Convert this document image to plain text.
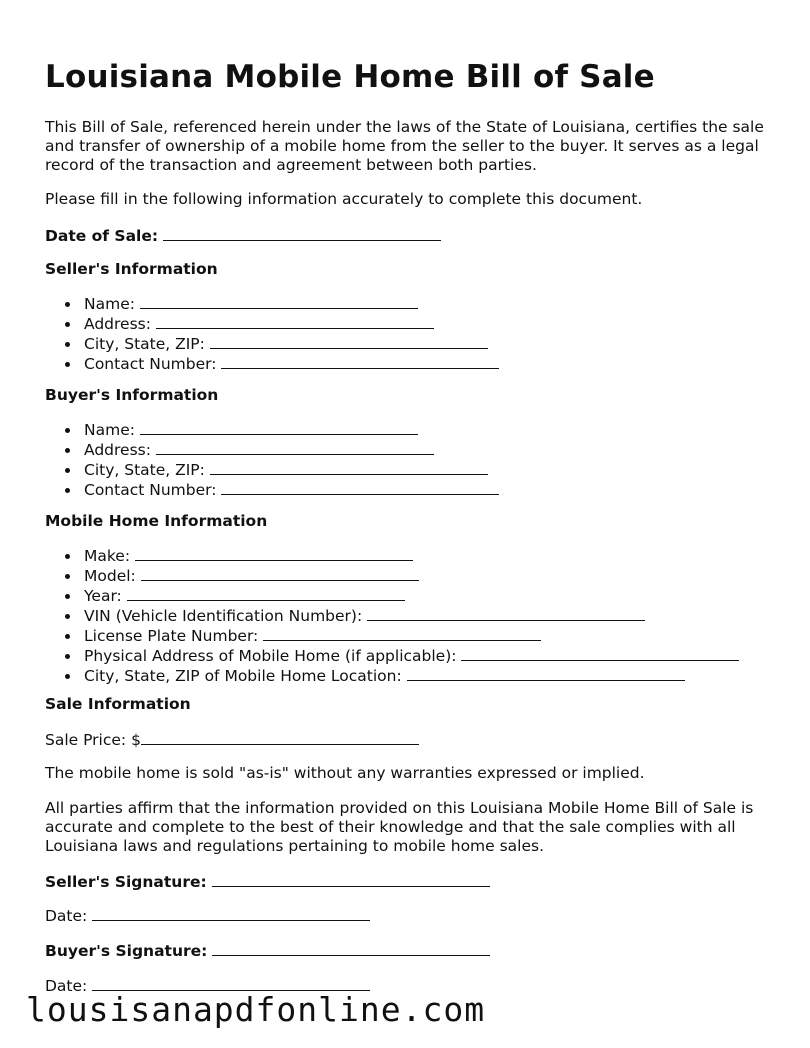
Louisiana Mobile Home Bill of Sale

This Bill of Sale, referenced herein under the laws of the State of Louisiana, certifies the sale and transfer of ownership of a mobile home from the seller to the buyer. It serves as a legal record of the transaction and agreement between both parties.

Please fill in the following information accurately to complete this document.

Date of Sale:

Seller's Information
Name:
Address:
City, State, ZIP:
Contact Number:
Buyer's Information
Name:
Address:
City, State, ZIP:
Contact Number:
Mobile Home Information
Make:
Model:
Year:
VIN (Vehicle Identification Number):
License Plate Number:
Physical Address of Mobile Home (if applicable):
City, State, ZIP of Mobile Home Location:
Sale Information

Sale Price: $

The mobile home is sold "as-is" without any warranties expressed or implied.

All parties affirm that the information provided on this Louisiana Mobile Home Bill of Sale is accurate and complete to the best of their knowledge and that the sale complies with all Louisiana laws and regulations pertaining to mobile home sales.

Seller's Signature:

Date:

Buyer's Signature:

Date:

lousisanapdfonline.com
